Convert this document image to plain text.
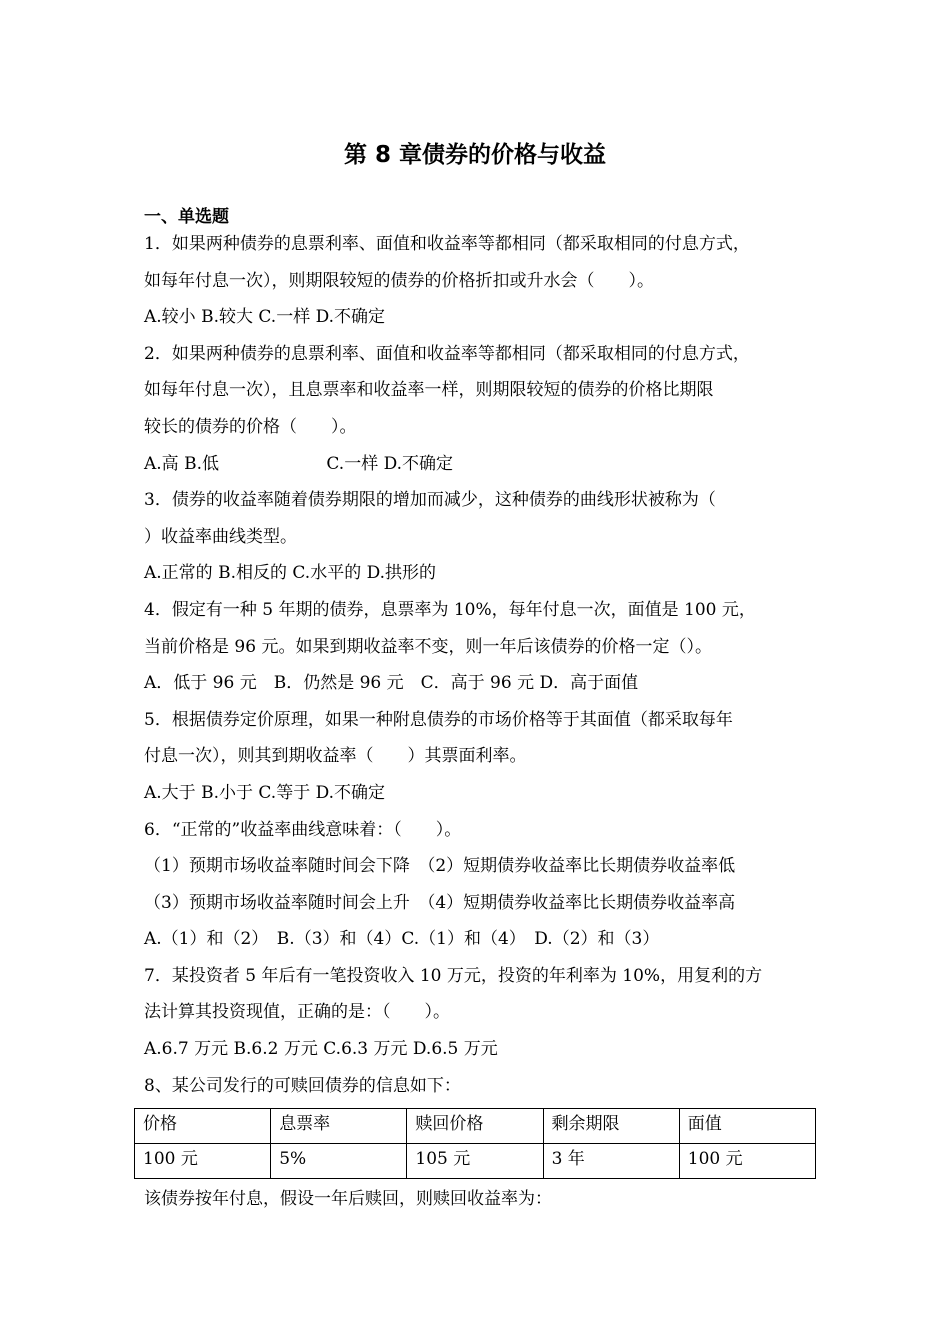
第 8 章债券的价格与收益
一、单选题
1．如果两种债券的息票利率、面值和收益率等都相同（都采取相同的付息方式，
如每年付息一次），则期限较短的债券的价格折扣或升水会（　　）。
A.较小 B.较大 C.一样 D.不确定
2．如果两种债券的息票利率、面值和收益率等都相同（都采取相同的付息方式，
如每年付息一次），且息票率和收益率一样，则期限较短的债券的价格比期限
较长的债券的价格（　　）。
A.高 B.低　　　　　　 C.一样 D.不确定
3．债券的收益率随着债券期限的增加而减少，这种债券的曲线形状被称为（
）收益率曲线类型。
A.正常的 B.相反的 C.水平的 D.拱形的
4．假定有一种 5 年期的债券，息票率为 10%，每年付息一次，面值是 100 元，
当前价格是 96 元。如果到期收益率不变，则一年后该债券的价格一定（）。
A．低于 96 元　B．仍然是 96 元　C．高于 96 元 D．高于面值
5．根据债券定价原理，如果一种附息债券的市场价格等于其面值（都采取每年
付息一次），则其到期收益率（　　）其票面利率。
A.大于 B.小于 C.等于 D.不确定
6．“正常的”收益率曲线意味着：（　　）。
（1）预期市场收益率随时间会下降　（2）短期债券收益率比长期债券收益率低
（3）预期市场收益率随时间会上升　（4）短期债券收益率比长期债券收益率高
A.（1）和（2）　B.（3）和（4）C.（1）和（4）　D.（2）和（3）
7．某投资者 5 年后有一笔投资收入 10 万元，投资的年利率为 10%，用复利的方
法计算其投资现值，正确的是：（　　）。
A.6.7 万元 B.6.2 万元 C.6.3 万元 D.6.5 万元
8、某公司发行的可赎回债券的信息如下：
价格	息票率	赎回价格	剩余期限	面值
100 元	5%	105 元	3 年	100 元
该债券按年付息，假设一年后赎回，则赎回收益率为：
